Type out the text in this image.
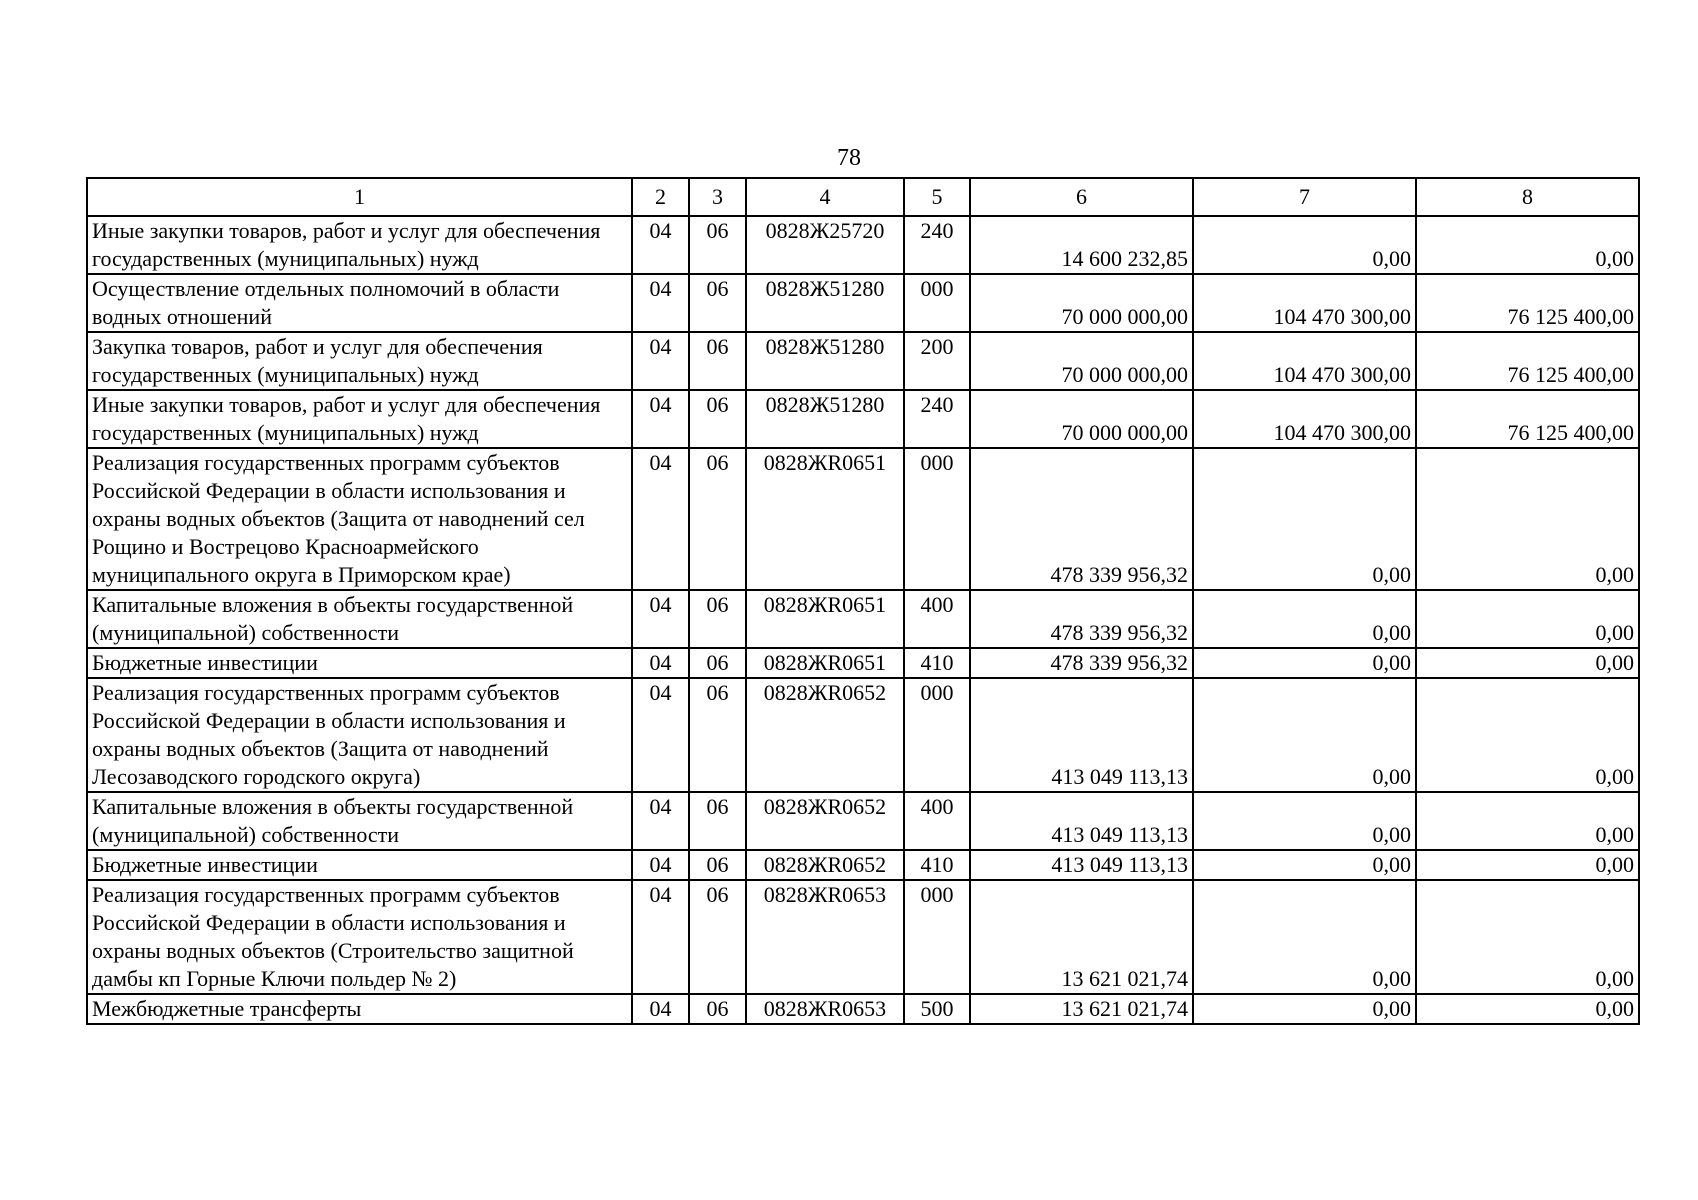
78
1	2	3	4	5	6	7	8
Иные закупки товаров, работ и услуг для обеспечения государственных (муниципальных) нужд	04	06	0828Ж25720	240	14 600 232,85	0,00	0,00
Осуществление отдельных полномочий в области водных отношений	04	06	0828Ж51280	000	70 000 000,00	104 470 300,00	76 125 400,00
Закупка товаров, работ и услуг для обеспечения государственных (муниципальных) нужд	04	06	0828Ж51280	200	70 000 000,00	104 470 300,00	76 125 400,00
Иные закупки товаров, работ и услуг для обеспечения государственных (муниципальных) нужд	04	06	0828Ж51280	240	70 000 000,00	104 470 300,00	76 125 400,00
Реализация государственных программ субъектов Российской Федерации в области использования и охраны водных объектов (Защита от наводнений сел Рощино и Вострецово Красноармейского муниципального округа в Приморском крае)	04	06	0828ЖR0651	000	478 339 956,32	0,00	0,00
Капитальные вложения в объекты государственной (муниципальной) собственности	04	06	0828ЖR0651	400	478 339 956,32	0,00	0,00
Бюджетные инвестиции	04	06	0828ЖR0651	410	478 339 956,32	0,00	0,00
Реализация государственных программ субъектов Российской Федерации в области использования и охраны водных объектов (Защита от наводнений Лесозаводского городского округа)	04	06	0828ЖR0652	000	413 049 113,13	0,00	0,00
Капитальные вложения в объекты государственной (муниципальной) собственности	04	06	0828ЖR0652	400	413 049 113,13	0,00	0,00
Бюджетные инвестиции	04	06	0828ЖR0652	410	413 049 113,13	0,00	0,00
Реализация государственных программ субъектов Российской Федерации в области использования и охраны водных объектов (Строительство защитной дамбы кп Горные Ключи польдер № 2)	04	06	0828ЖR0653	000	13 621 021,74	0,00	0,00
Межбюджетные трансферты	04	06	0828ЖR0653	500	13 621 021,74	0,00	0,00
